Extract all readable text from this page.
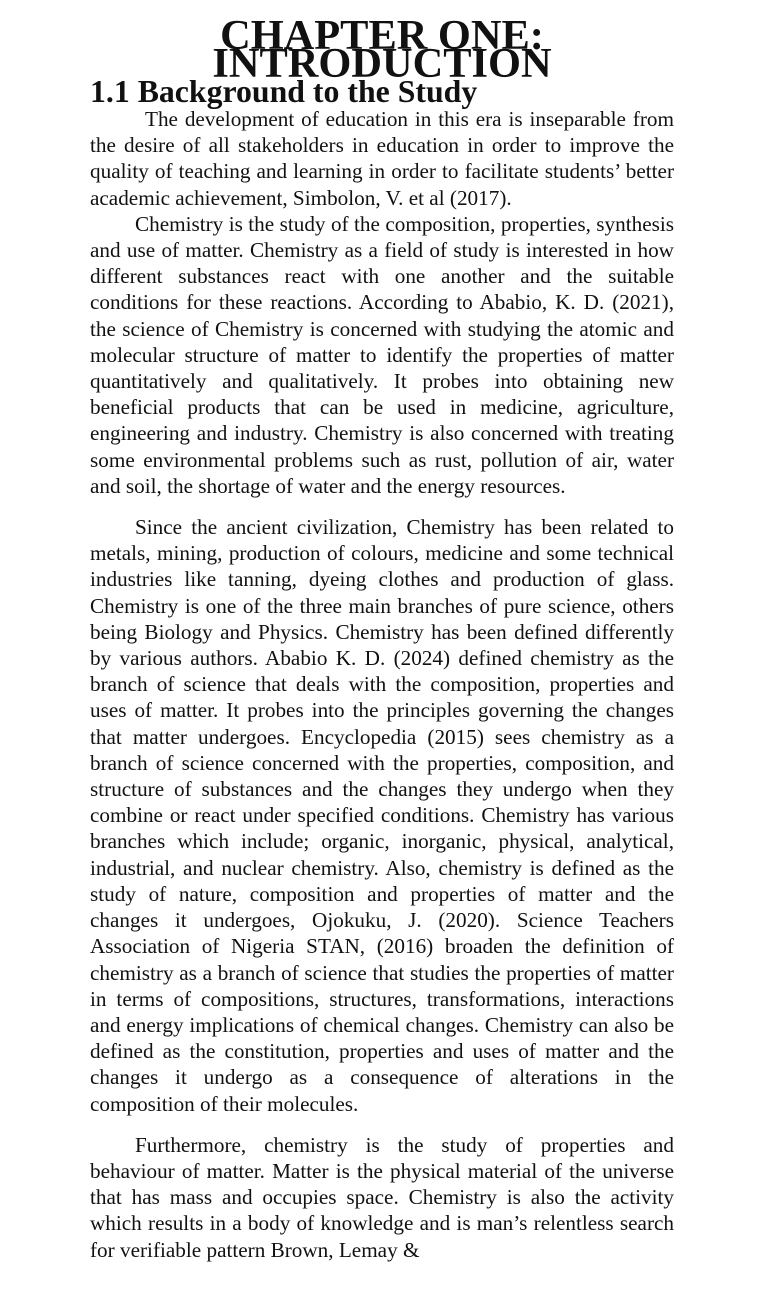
CHAPTER ONE: INTRODUCTION
1.1 Background to the Study

The development of education in this era is inseparable from the desire of all stakeholders in education in order to improve the quality of teaching and learning in order to facilitate students’ better academic achievement, Simbolon, V. et al (2017).

Chemistry is the study of the composition, properties, synthesis and use of matter. Chemistry as a field of study is interested in how different substances react with one another and the suitable conditions for these reactions. According to Ababio, K. D. (2021), the science of Chemistry is concerned with studying the atomic and molecular structure of matter to identify the properties of matter quantitatively and qualitatively. It probes into obtaining new beneficial products that can be used in medicine, agriculture, engineering and industry. Chemistry is also concerned with treating some environmental problems such as rust, pollution of air, water and soil, the shortage of water and the energy resources.

Since the ancient civilization, Chemistry has been related to metals, mining, production of colours, medicine and some technical industries like tanning, dyeing clothes and production of glass. Chemistry is one of the three main branches of pure science, others being Biology and Physics. Chemistry has been defined differently by various authors. Ababio K. D. (2024) defined chemistry as the branch of science that deals with the composition, properties and uses of matter. It probes into the principles governing the changes that matter undergoes. Encyclopedia (2015) sees chemistry as a branch of science concerned with the properties, composition, and structure of substances and the changes they undergo when they combine or react under specified conditions. Chemistry has various branches which include; organic, inorganic, physical, analytical, industrial, and nuclear chemistry. Also, chemistry is defined as the study of nature, composition and properties of matter and the changes it undergoes, Ojokuku, J. (2020). Science Teachers Association of Nigeria STAN, (2016) broaden the definition of chemistry as a branch of science that studies the properties of matter in terms of compositions, structures, transformations, interactions and energy implications of chemical changes. Chemistry can also be defined as the constitution, properties and uses of matter and the changes it undergo as a consequence of alterations in the composition of their molecules.

Furthermore, chemistry is the study of properties and behaviour of matter. Matter is the physical material of the universe that has mass and occupies space. Chemistry is also the activity which results in a body of knowledge and is man’s relentless search for verifiable pattern Brown, Lemay &
